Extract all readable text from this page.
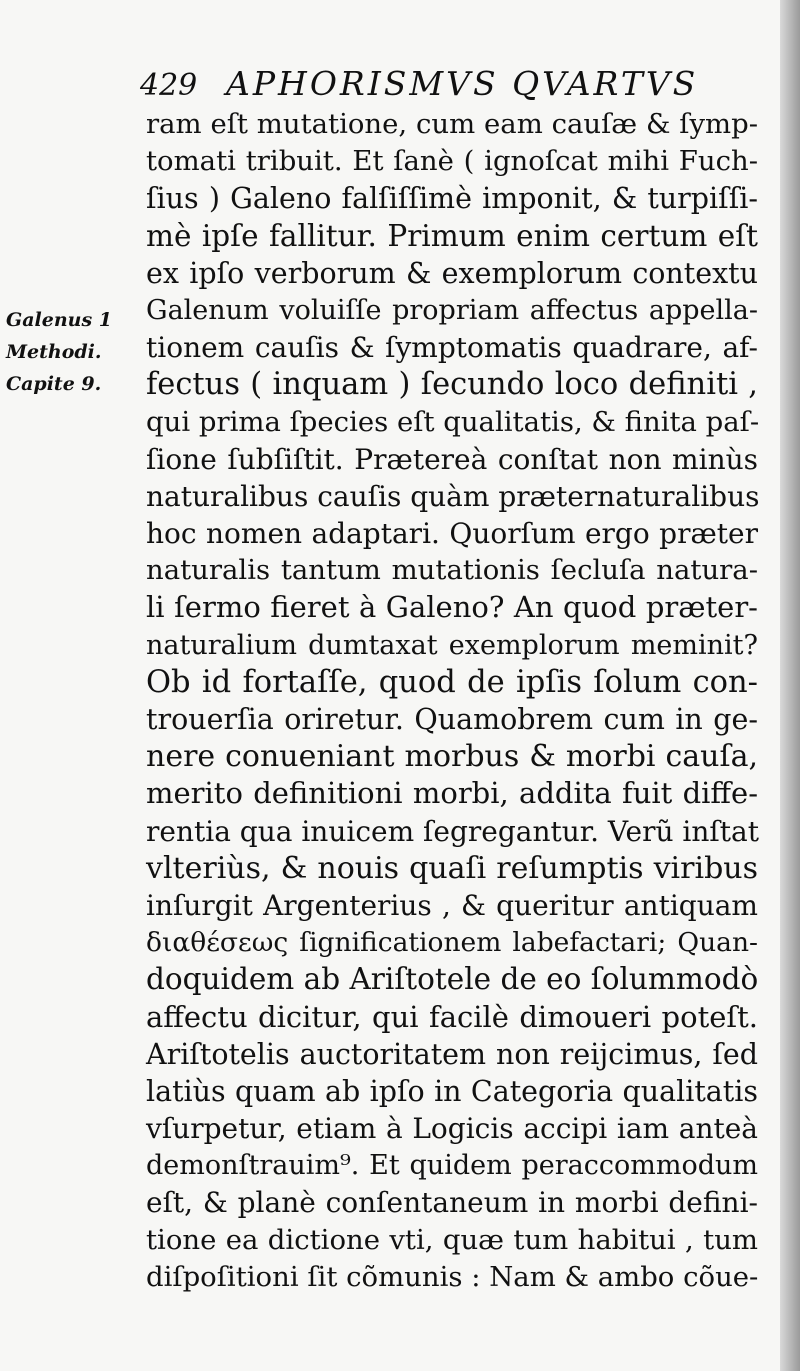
429 APHORISMVS QVARTVS
Galenus 1
Methodi.
Capite 9.
ram eſt mutatione, cum eam cauſæ & ſymp-
tomati tribuit. Et ſanè ( ignoſcat mihi Fuch-
ſius ) Galeno falſiſſimè imponit, & turpiſſi-
mè ipſe fallitur. Primum enim certum eſt
ex ipſo verborum & exemplorum contextu
Galenum voluiſſe propriam affectus appella-
tionem cauſis & ſymptomatis quadrare, af-
fectus ( inquam ) ſecundo loco definiti ,
qui prima ſpecies eſt qualitatis, & finita paſ-
ſione ſubſiſtit. Prætereà conſtat non minùs
naturalibus cauſis quàm præternaturalibus
hoc nomen adaptari. Quorſum ergo præter
naturalis tantum mutationis ſecluſa natura-
li ſermo fieret à Galeno? An quod præter-
naturalium dumtaxat exemplorum meminit?
Ob id fortaſſe, quod de ipſis ſolum con-
trouerſia oriretur. Quamobrem cum in ge-
nere conueniant morbus & morbi cauſa,
merito definitioni morbi, addita fuit diffe-
rentia qua inuicem ſegregantur. Verũ inſtat
vlteriùs, & nouis quaſi reſumptis viribus
inſurgit Argenterius , & queritur antiquam
διαθέσεως ſignificationem labefactari; Quan-
doquidem ab Ariſtotele de eo ſolummodò
affectu dicitur, qui facilè dimoueri poteſt.
Ariſtotelis auctoritatem non reijcimus, ſed
latiùs quam ab ipſo in Categoria qualitatis
vſurpetur, etiam à Logicis accipi iam anteà
demonſtrauim⁹. Et quidem peraccommodum
eſt, & planè conſentaneum in morbi defini-
tione ea dictione vti, quæ tum habitui , tum
diſpoſitioni ſit cõmunis : Nam & ambo cõue-
